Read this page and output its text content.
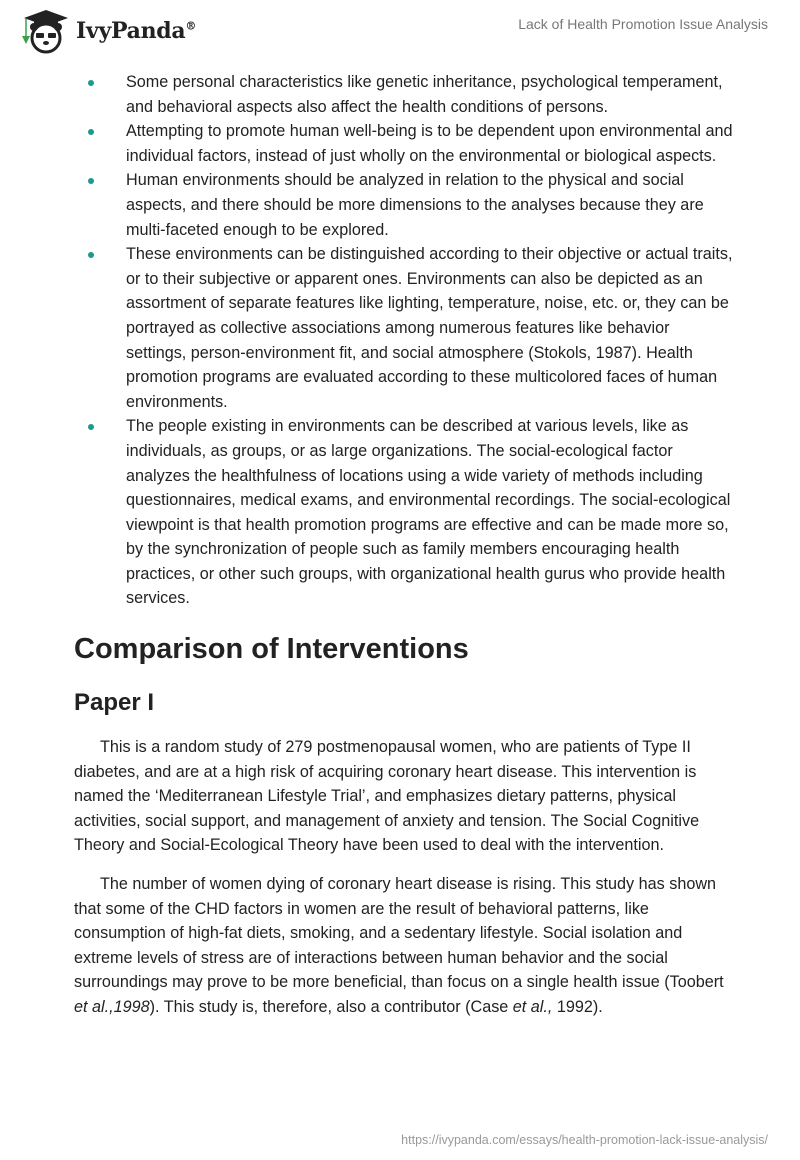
IvyPanda®	Lack of Health Promotion Issue Analysis
Some personal characteristics like genetic inheritance, psychological temperament, and behavioral aspects also affect the health conditions of persons.
Attempting to promote human well-being is to be dependent upon environmental and individual factors, instead of just wholly on the environmental or biological aspects.
Human environments should be analyzed in relation to the physical and social aspects, and there should be more dimensions to the analyses because they are multi-faceted enough to be explored.
These environments can be distinguished according to their objective or actual traits, or to their subjective or apparent ones. Environments can also be depicted as an assortment of separate features like lighting, temperature, noise, etc. or, they can be portrayed as collective associations among numerous features like behavior settings, person-environment fit, and social atmosphere (Stokols, 1987). Health promotion programs are evaluated according to these multicolored faces of human environments.
The people existing in environments can be described at various levels, like as individuals, as groups, or as large organizations. The social-ecological factor analyzes the healthfulness of locations using a wide variety of methods including questionnaires, medical exams, and environmental recordings. The social-ecological viewpoint is that health promotion programs are effective and can be made more so, by the synchronization of people such as family members encouraging health practices, or other such groups, with organizational health gurus who provide health services.
Comparison of Interventions
Paper I

This is a random study of 279 postmenopausal women, who are patients of Type II diabetes, and are at a high risk of acquiring coronary heart disease. This intervention is named the ‘Mediterranean Lifestyle Trial’, and emphasizes dietary patterns, physical activities, social support, and management of anxiety and tension. The Social Cognitive Theory and Social-Ecological Theory have been used to deal with the intervention.

The number of women dying of coronary heart disease is rising. This study has shown that some of the CHD factors in women are the result of behavioral patterns, like consumption of high-fat diets, smoking, and a sedentary lifestyle. Social isolation and extreme levels of stress are of interactions between human behavior and the social surroundings may prove to be more beneficial, than focus on a single health issue (Toobert et al.,1998). This study is, therefore, also a contributor (Case et al., 1992).

https://ivypanda.com/essays/health-promotion-lack-issue-analysis/
